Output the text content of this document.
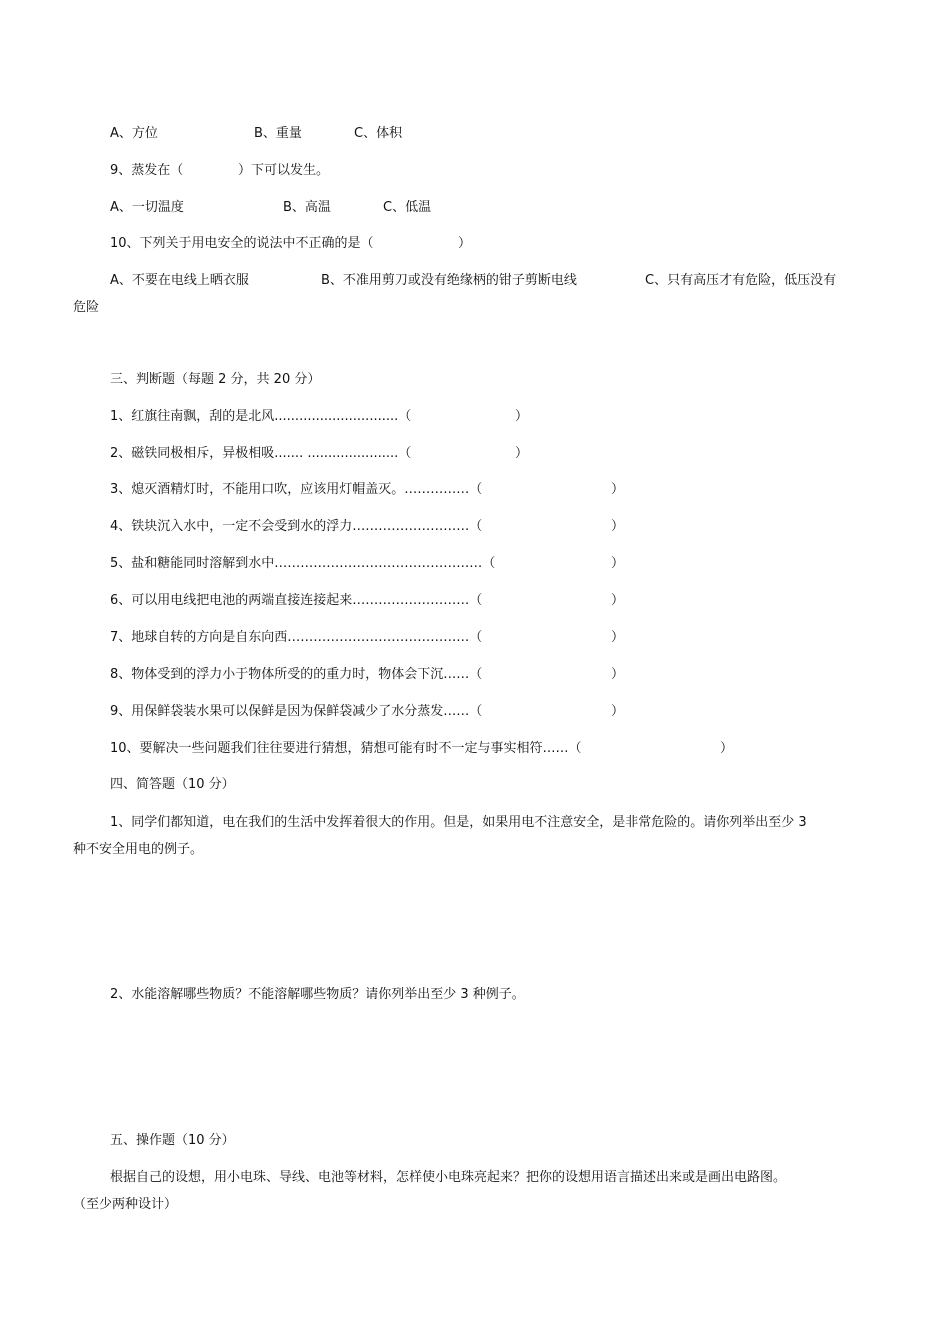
A、方位	B、重量	C、体积
9、蒸发在（	）下可以发生。
A、一切温度	B、高温	C、低温
10、下列关于用电安全的说法中不正确的是（	）
A、不要在电线上晒衣服	B、不准用剪刀或没有绝缘柄的钳子剪断电线	C、只有高压才有危险，低压没有
危险
三、判断题（每题 2 分，共 20 分）
1、红旗往南飘，刮的是北风..............................（	）
2、磁铁同极相斥，异极相吸....... ......................（	）
3、熄灭酒精灯时，不能用口吹，应该用灯帽盖灭。……………（	）
4、铁块沉入水中，一定不会受到水的浮力………………………（	）
5、盐和糖能同时溶解到水中…………………………………………（	）
6、可以用电线把电池的两端直接连接起来………………………（	）
7、地球自转的方向是自东向西……………………………………（	）
8、物体受到的浮力小于物体所受的的重力时，物体会下沉……（	）
9、用保鲜袋装水果可以保鲜是因为保鲜袋减少了水分蒸发……（	）
10、要解决一些问题我们往往要进行猜想，猜想可能有时不一定与事实相符……（	）
四、简答题（10 分）
1、同学们都知道，电在我们的生活中发挥着很大的作用。但是，如果用电不注意安全，是非常危险的。请你列举出至少 3
种不安全用电的例子。
2、水能溶解哪些物质？不能溶解哪些物质？请你列举出至少 3 种例子。
五、操作题（10 分）
根据自己的设想，用小电珠、导线、电池等材料，怎样使小电珠亮起来？把你的设想用语言描述出来或是画出电路图。
（至少两种设计）
